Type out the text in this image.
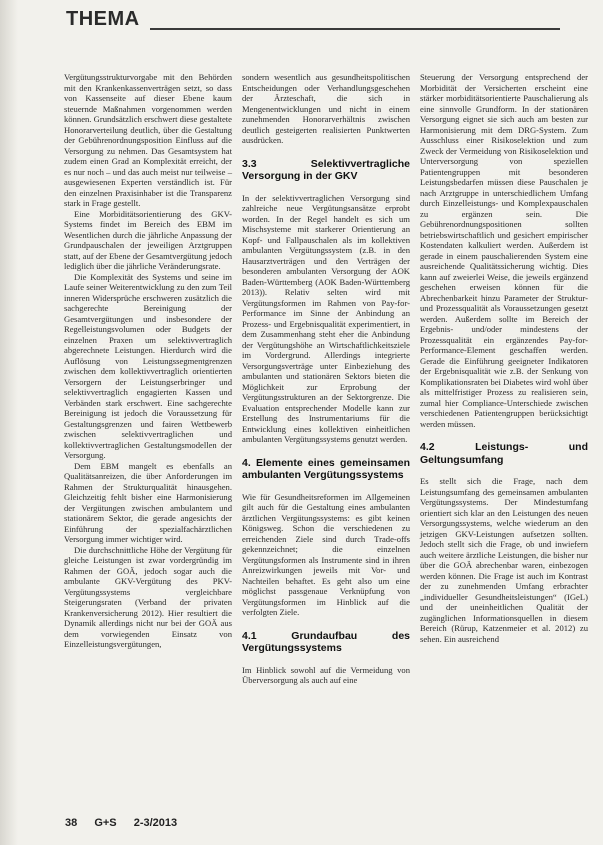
THEMA

Vergütungsstrukturvorgabe mit den Behörden mit den Krankenkassenverträgen setzt, so dass von Kassenseite auf dieser Ebene kaum steuernde Maßnahmen vorgenommen werden können. Grundsätzlich erschwert diese gestaltete Honorarverteilung deutlich, über die Gestaltung der Gebührenordnungsposition Einfluss auf die Versorgung zu nehmen. Das Gesamtsystem hat zudem einen Grad an Komplexität erreicht, der es nur noch – und das auch meist nur teilweise – ausgewiesenen Experten verständlich ist. Für den einzelnen Praxisinhaber ist die Transparenz stark in Frage gestellt.

Eine Morbiditätsorientierung des GKV-Systems findet im Bereich des EBM im Wesentlichen durch die jährliche Anpassung der Grundpauschalen der jeweiligen Arztgruppen statt, auf der Ebene der Gesamtvergütung jedoch lediglich über die jährliche Veränderungsrate.

Die Komplexität des Systems und seine im Laufe seiner Weiterentwicklung zu den zum Teil inneren Widersprüche erschweren zusätzlich die sachgerechte Bereinigung der Gesamtvergütungen und insbesondere der Regelleistungsvolumen oder Budgets der einzelnen Praxen um selektivvertraglich abgerechnete Leistungen. Hierdurch wird die Auflösung von Leistungssegmentgrenzen zwischen dem kollektivvertraglich orientierten Versorgern der Leistungserbringer und selektivvertraglich engagierten Kassen und Verbänden stark erschwert. Eine sachgerechte Bereinigung ist jedoch die Voraussetzung für Gestaltungsgrenzen und fairen Wettbewerb zwischen selektivvertraglichen und kollektivvertraglichen Gestaltungsmodellen der Versorgung.

Dem EBM mangelt es ebenfalls an Qualitätsanreizen, die über Anforderungen im Rahmen der Strukturqualität hinausgehen. Gleichzeitig fehlt bisher eine Harmonisierung der Vergütungen zwischen ambulantem und stationärem Sektor, die gerade angesichts der Einführung der spezialfachärztlichen Versorgung immer wichtiger wird.

Die durchschnittliche Höhe der Vergütung für gleiche Leistungen ist zwar vordergründig im Rahmen der GOÄ, jedoch sogar auch die ambulante GKV-Vergütung des PKV-Vergütungssystems vergleichbare Steigerungsraten (Verband der privaten Krankenversicherung 2012). Hier resultiert die Dynamik allerdings nicht nur bei der GOÄ aus dem vorwiegenden Einsatz von Einzelleistungsvergütungen,

sondern wesentlich aus gesundheitspolitischen Entscheidungen oder Verhandlungsgeschehen der Ärzteschaft, die sich in Mengenentwicklungen und nicht in einem zunehmenden Honorarverhältnis zwischen deutlich gesteigerten realisierten Punktwerten ausdrücken.

3.3 Selektivvertragliche Versorgung in der GKV

In der selektivvertraglichen Versorgung sind zahlreiche neue Vergütungsansätze erprobt worden. In der Regel handelt es sich um Mischsysteme mit starkerer Orientierung an Kopf- und Fallpauschalen als im kollektiven ambulanten Vergütungssystem (z.B. in den Hausarztverträgen und den Verträgen der besonderen ambulanten Versorgung der AOK Baden-Württemberg (AOK Baden-Württemberg 2013)). Relativ selten wird mit Vergütungsformen im Rahmen von Pay-for-Performance im Sinne der Anbindung an Prozess- und Ergebnisqualität experimentiert, in dem Zusammenhang steht eher die Anbindung der Vergütungshöhe an Wirtschaftlichkeitsziele im Vordergrund. Allerdings integrierte Versorgungsverträge unter Einbeziehung des ambulanten und stationären Sektors bieten die Möglichkeit zur Erprobung der Vergütungsstrukturen an der Sektorgrenze. Die Evaluation entsprechender Modelle kann zur Erstellung des Instrumentariums für die Entwicklung eines kollektiven einheitlichen ambulanten Vergütungssystems genutzt werden.

4. Elemente eines gemeinsamen ambulanten Vergütungssystems

Wie für Gesundheitsreformen im Allgemeinen gilt auch für die Gestaltung eines ambulanten ärztlichen Vergütungssystems: es gibt keinen Königsweg. Schon die verschiedenen zu erreichenden Ziele sind durch Trade-offs gekennzeichnet; die einzelnen Vergütungsformen als Instrumente sind in ihren Anreizwirkungen jeweils mit Vor- und Nachteilen behaftet. Es geht also um eine möglichst passgenaue Verknüpfung von Vergütungsformen im Hinblick auf die verfolgten Ziele.

4.1 Grundaufbau des Vergütungssystems

Im Hinblick sowohl auf die Vermeidung von Überversorgung als auch auf eine

Steuerung der Versorgung entsprechend der Morbidität der Versicherten erscheint eine stärker morbiditätsorientierte Pauschalierung als eine sinnvolle Grundform. In der stationären Versorgung eignet sie sich auch am besten zur Harmonisierung mit dem DRG-System. Zum Ausschluss einer Risikoselektion und zum Zweck der Vermeidung von Risikoselektion und Unterversorgung von speziellen Patientengruppen mit besonderen Leistungsbedarfen müssen diese Pauschalen je nach Arztgruppe in unterschiedlichem Umfang durch Einzelleistungs- und Komplexpauschalen zu ergänzen sein. Die Gebührenordnungspositionen sollten betriebswirtschaftlich und gesichert empirischer Kostendaten kalkuliert werden. Außerdem ist gerade in einem pauschalierenden System eine ausreichende Qualitätssicherung wichtig. Dies kann auf zweierlei Weise, die jeweils ergänzend geschehen erweisen können für die Abrechenbarkeit hinzu Parameter der Struktur- und Prozessqualität als Voraussetzungen gesetzt werden. Außerdem sollte im Bereich der Ergebnis- und/oder mindestens der Prozessqualität ein ergänzendes Pay-for-Performance-Element geschaffen werden. Gerade die Einführung geeigneter Indikatoren der Ergebnisqualität wie z.B. der Senkung von Komplikationsraten bei Diabetes wird wohl über als mittelfristiger Prozess zu realisieren sein, zumal hier Compliance-Unterschiede zwischen verschiedenen Patientengruppen berücksichtigt werden müssen.

4.2 Leistungs- und Geltungsumfang

Es stellt sich die Frage, nach dem Leistungsumfang des gemeinsamen ambulanten Vergütungssystems. Der Mindestumfang orientiert sich klar an den Leistungen des neuen Versorgungssystems, welche wiederum an den jetzigen GKV-Leistungen aufsetzen sollten. Jedoch stellt sich die Frage, ob und inwiefern auch weitere ärztliche Leistungen, die bisher nur über die GOÄ abrechenbar waren, einbezogen werden können. Die Frage ist auch im Kontrast der zu zunehmenden Umfang erbrachter „individueller Gesundheitsleistungen“ (IGeL) und der uneinheitlichen Qualität der zugänglichen Informationsquellen in diesem Bereich (Rürup, Katzenmeier et al. 2012) zu sehen. Ein ausreichend

38 G+S 2-3/2013
